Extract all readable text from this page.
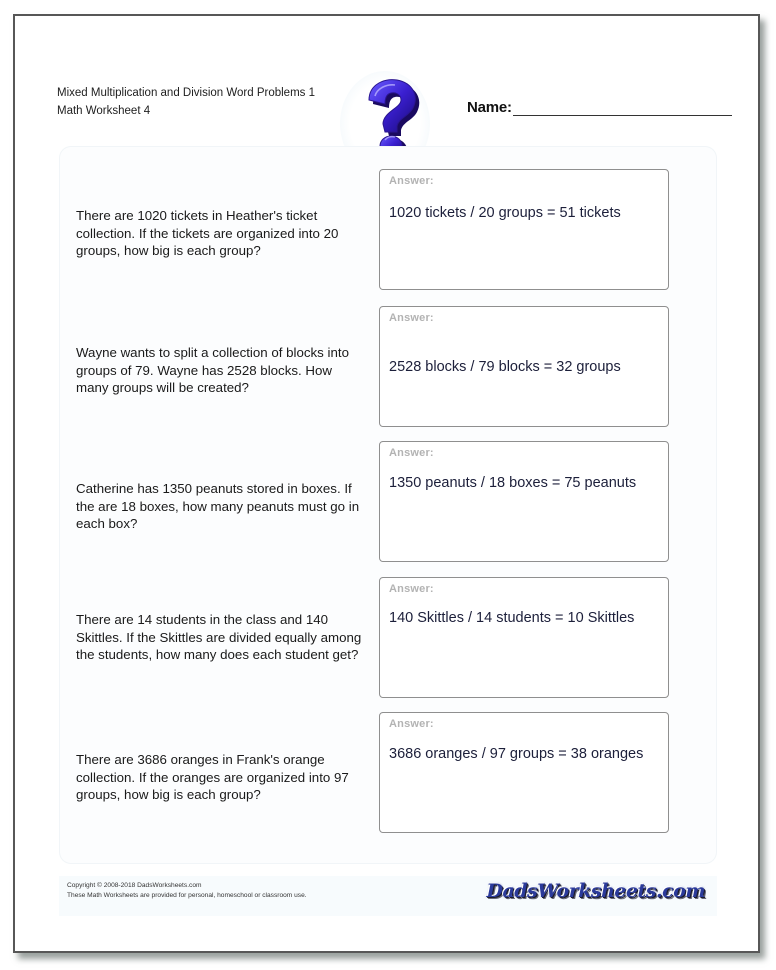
Mixed Multiplication and Division Word Problems 1
Math Worksheet 4	Name:
There are 1020 tickets in Heather's ticket collection. If the tickets are organized into 20 groups, how big is each group?
Answer:
1020 tickets / 20 groups = 51 tickets
Wayne wants to split a collection of blocks into groups of 79. Wayne has 2528 blocks. How many groups will be created?
Answer:
2528 blocks / 79 blocks = 32 groups
Catherine has 1350 peanuts stored in boxes. If the are 18 boxes, how many peanuts must go in each box?
Answer:
1350 peanuts / 18 boxes = 75 peanuts
There are 14 students in the class and 140 Skittles. If the Skittles are divided equally among the students, how many does each student get?
Answer:
140 Skittles / 14 students = 10 Skittles
There are 3686 oranges in Frank's orange collection. If the oranges are organized into 97 groups, how big is each group?
Answer:
3686 oranges / 97 groups = 38 oranges
Copyright © 2008-2018 DadsWorksheets.com
These Math Worksheets are provided for personal, homeschool or classroom use.	DadsWorksheets.com
